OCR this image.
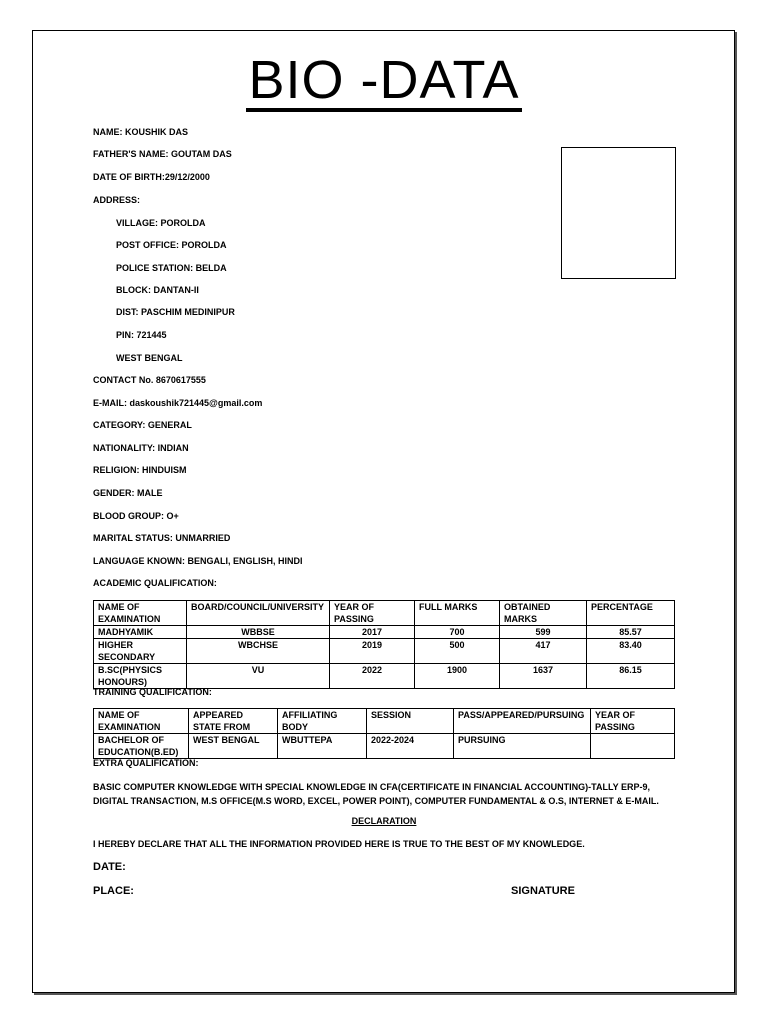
BIO -DATA
NAME: KOUSHIK DAS
FATHER'S NAME: GOUTAM DAS
DATE OF BIRTH:29/12/2000
ADDRESS:
VILLAGE: POROLDA
POST OFFICE: POROLDA
POLICE STATION: BELDA
BLOCK: DANTAN-II
DIST: PASCHIM MEDINIPUR
PIN: 721445
WEST BENGAL
CONTACT No. 8670617555
E-MAIL: daskoushik721445@gmail.com
CATEGORY: GENERAL
NATIONALITY: INDIAN
RELIGION: HINDUISM
GENDER: MALE
BLOOD GROUP: O+
MARITAL STATUS: UNMARRIED
LANGUAGE KNOWN: BENGALI, ENGLISH, HINDI
ACADEMIC QUALIFICATION:
NAME OF EXAMINATION	BOARD/COUNCIL/UNIVERSITY	YEAR OF PASSING	FULL MARKS	OBTAINED MARKS	PERCENTAGE
MADHYAMIK	WBBSE	2017	700	599	85.57
HIGHER SECONDARY	WBCHSE	2019	500	417	83.40
B.SC(PHYSICS HONOURS)	VU	2022	1900	1637	86.15
TRAINING QUALIFICATION:
NAME OF EXAMINATION	APPEARED STATE FROM	AFFILIATING BODY	SESSION	PASS/APPEARED/PURSUING	YEAR OF PASSING
BACHELOR OF EDUCATION(B.ED)	WEST BENGAL	WBUTTEPA	2022-2024	PURSUING	
EXTRA QUALIFICATION:
BASIC COMPUTER KNOWLEDGE WITH SPECIAL KNOWLEDGE IN CFA(CERTIFICATE IN FINANCIAL ACCOUNTING)-TALLY ERP-9, DIGITAL TRANSACTION, M.S OFFICE(M.S WORD, EXCEL, POWER POINT), COMPUTER FUNDAMENTAL & O.S, INTERNET & E-MAIL.
DECLARATION
I HEREBY DECLARE THAT ALL THE INFORMATION PROVIDED HERE IS TRUE TO THE BEST OF MY KNOWLEDGE.
DATE:
PLACE:	SIGNATURE
